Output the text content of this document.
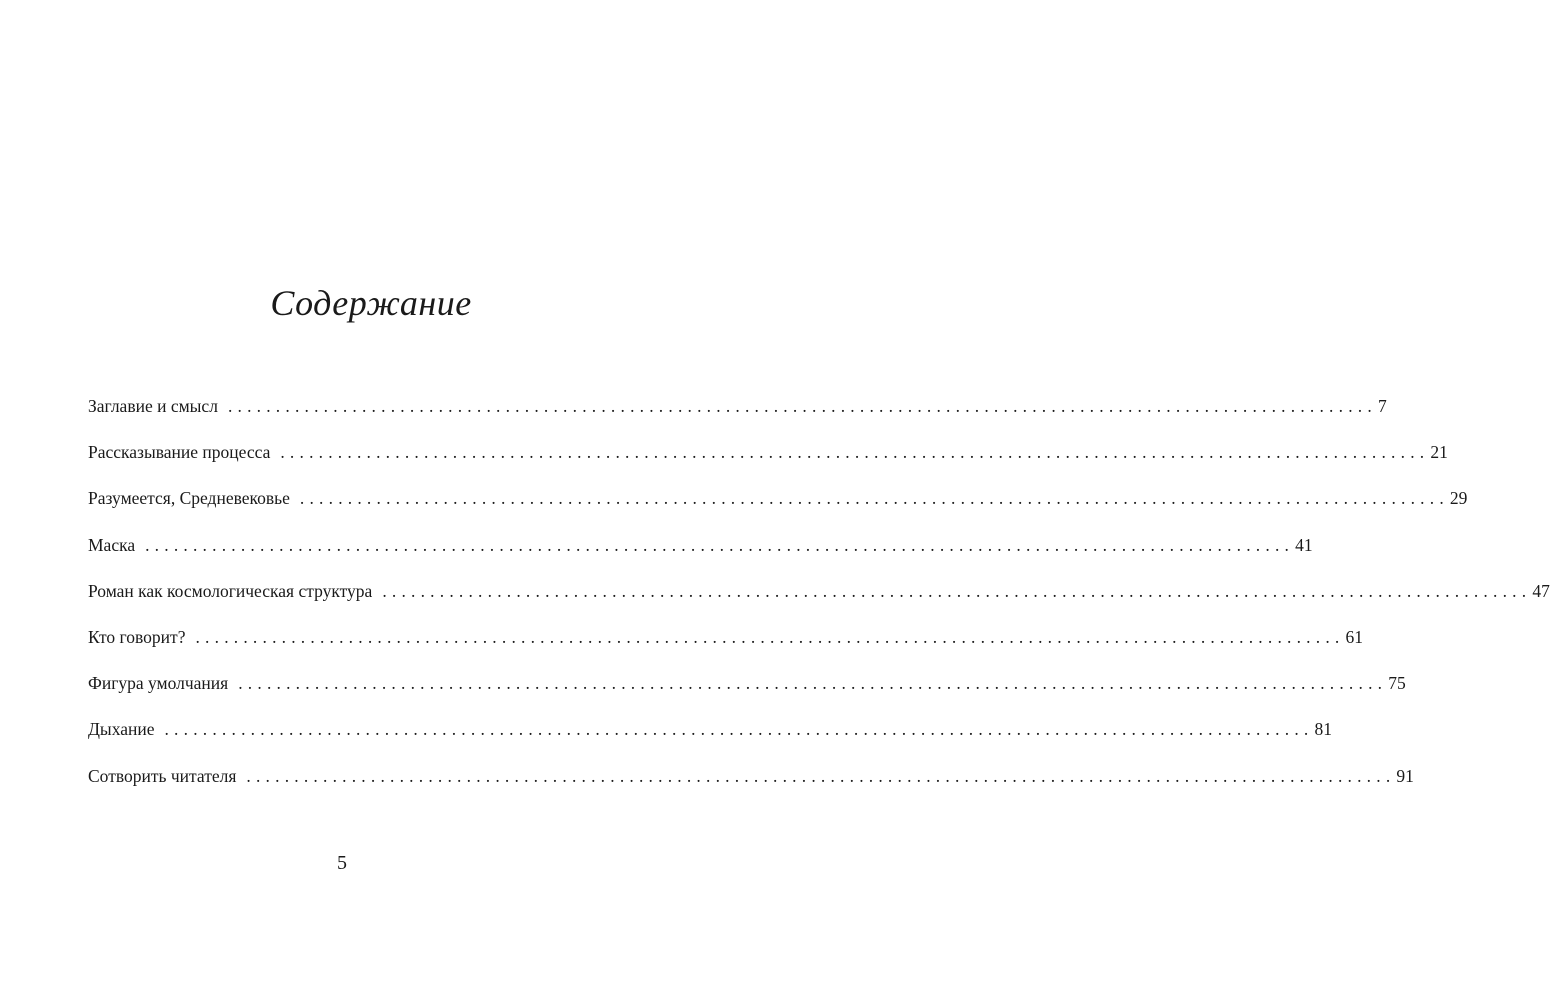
Содержание
Заглавие и смысл ........................................................................................................................ 7
Рассказывание процесса ........................................................................................................................ 21
Разумеется, Средневековье ........................................................................................................................ 29
Маска ........................................................................................................................ 41
Роман как космологическая структура ........................................................................................................................ 47
Кто говорит? ........................................................................................................................ 61
Фигура умолчания ........................................................................................................................ 75
Дыхание ........................................................................................................................ 81
Сотворить читателя ........................................................................................................................ 91
5
